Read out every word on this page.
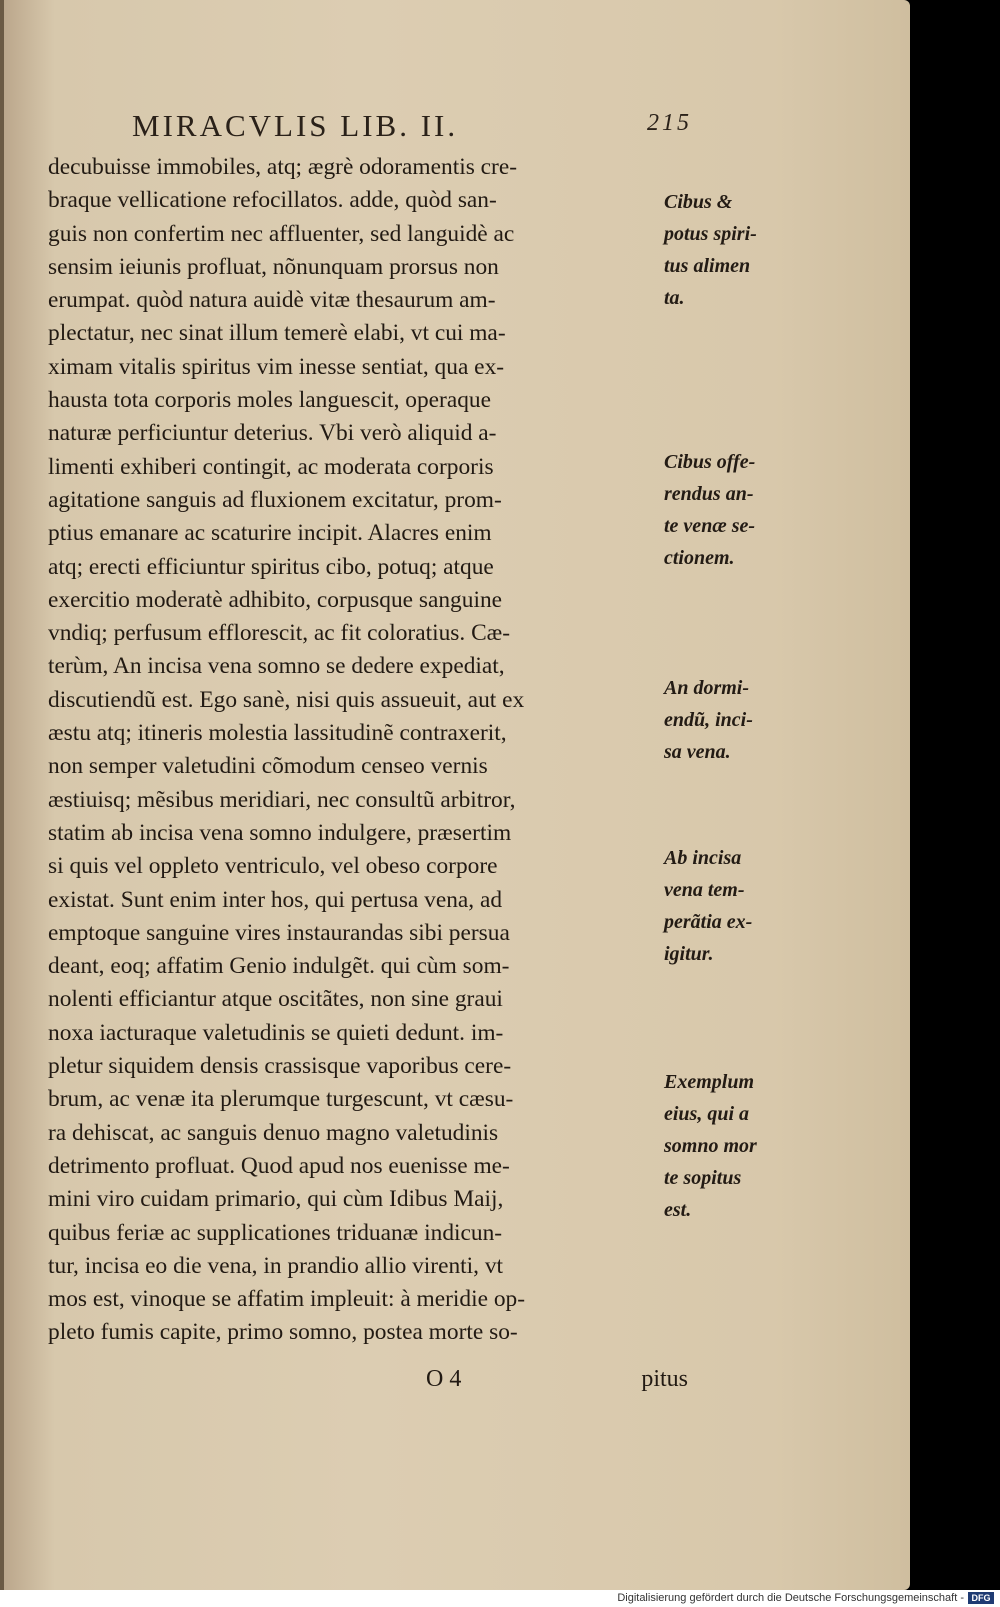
MIRACVLIS LIB. II.	215
decubuisse immobiles, atq; ægrè odoramentis cre-
braque vellicatione refocillatos. adde, quòd san-
guis non confertim nec affluenter, sed languidè ac
sensim ieiunis profluat, nõnunquam prorsus non
erumpat. quòd natura auidè vitæ thesaurum am-
plectatur, nec sinat illum temerè elabi, vt cui ma-
ximam vitalis spiritus vim inesse sentiat, qua ex-
hausta tota corporis moles languescit, operaque
naturæ perficiuntur deterius. Vbi verò aliquid a-
limenti exhiberi contingit, ac moderata corporis
agitatione sanguis ad fluxionem excitatur, prom-
ptius emanare ac scaturire incipit. Alacres enim
atq; erecti efficiuntur spiritus cibo, potuq; atque
exercitio moderatè adhibito, corpusque sanguine
vndiq; perfusum efflorescit, ac fit coloratius. Cæ-
terùm, An incisa vena somno se dedere expediat,
discutiendũ est. Ego sanè, nisi quis assueuit, aut ex
æstu atq; itineris molestia lassitudinẽ contraxerit,
non semper valetudini cõmodum censeo vernis
æstiuisq; mẽsibus meridiari, nec consultũ arbitror,
statim ab incisa vena somno indulgere, præsertim
si quis vel oppleto ventriculo, vel obeso corpore
existat. Sunt enim inter hos, qui pertusa vena, ad
emptoque sanguine vires instaurandas sibi persua
deant, eoq; affatim Genio indulgẽt. qui cùm som-
nolenti efficiantur atque oscitãtes, non sine graui
noxa iacturaque valetudinis se quieti dedunt. im-
pletur siquidem densis crassisque vaporibus cere-
brum, ac venæ ita plerumque turgescunt, vt cæsu-
ra dehiscat, ac sanguis denuo magno valetudinis
detrimento profluat. Quod apud nos euenisse me-
mini viro cuidam primario, qui cùm Idibus Maij,
quibus feriæ ac supplicationes triduanæ indicun-
tur, incisa eo die vena, in prandio allio virenti, vt
mos est, vinoque se affatim impleuit: à meridie op-
pleto fumis capite, primo somno, postea morte so-
Cibus &
potus spiri-
tus alimen
ta.
Cibus offe-
rendus an-
te venæ se-
ctionem.
An dormi-
endũ, inci-
sa vena.
Ab incisa
vena tem-
perãtia ex-
igitur.
Exemplum
eius, qui a
somno mor
te sopitus
est.
O 4	pitus
Digitalisierung gefördert durch die Deutsche Forschungsgemeinschaft - DFG
